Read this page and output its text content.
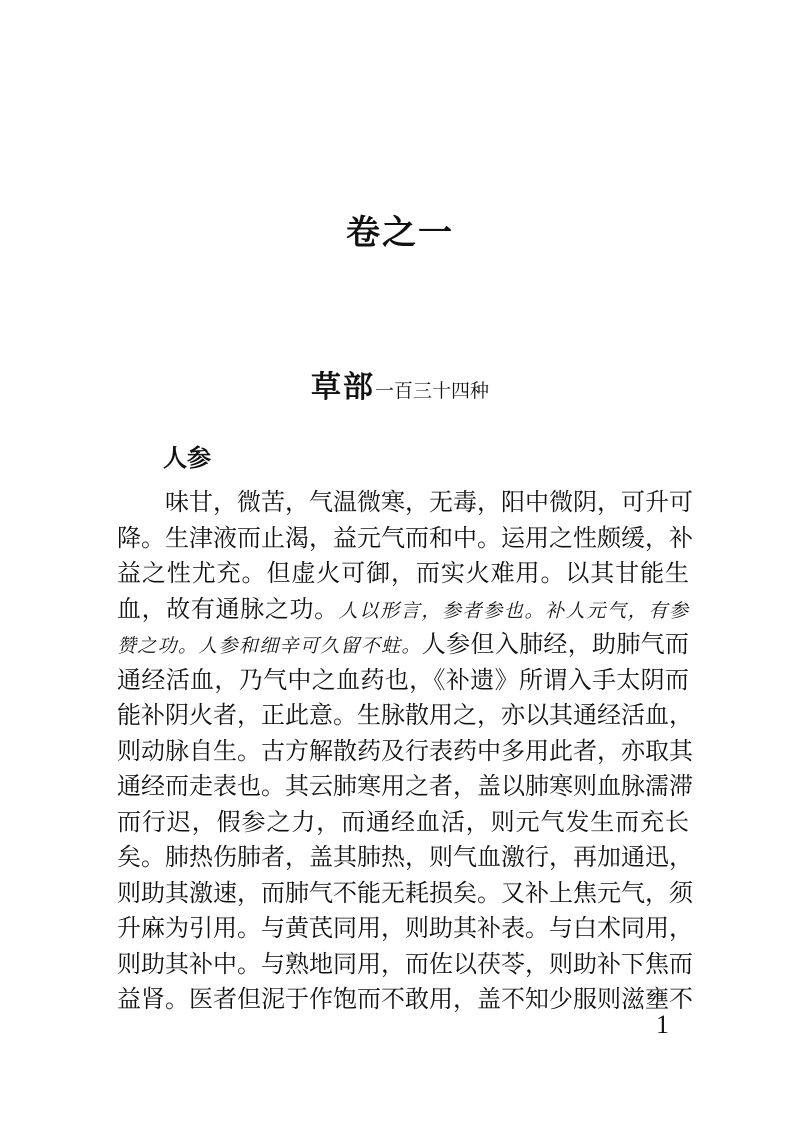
卷之一
草部一百三十四种
人参
味甘，微苦，气温微寒，无毒，阳中微阴，可升可
降。生津液而止渴，益元气而和中。运用之性颇缓，补
益之性尤充。但虚火可御，而实火难用。以其甘能生
血，故有通脉之功。人以形言，参者参也。补人元气，有参
赞之功。人参和细辛可久留不蛀。人参但入肺经，助肺气而
通经活血，乃气中之血药也，《补遗》所谓入手太阴而
能补阴火者，正此意。生脉散用之，亦以其通经活血，
则动脉自生。古方解散药及行表药中多用此者，亦取其
通经而走表也。其云肺寒用之者，盖以肺寒则血脉濡滞
而行迟，假参之力，而通经血活，则元气发生而充长
矣。肺热伤肺者，盖其肺热，则气血激行，再加通迅，
则助其激速，而肺气不能无耗损矣。又补上焦元气，须
升麻为引用。与黄芪同用，则助其补表。与白术同用，
则助其补中。与熟地同用，而佐以茯苓，则助补下焦而
益肾。医者但泥于作饱而不敢用，盖不知少服则滋壅不
1
